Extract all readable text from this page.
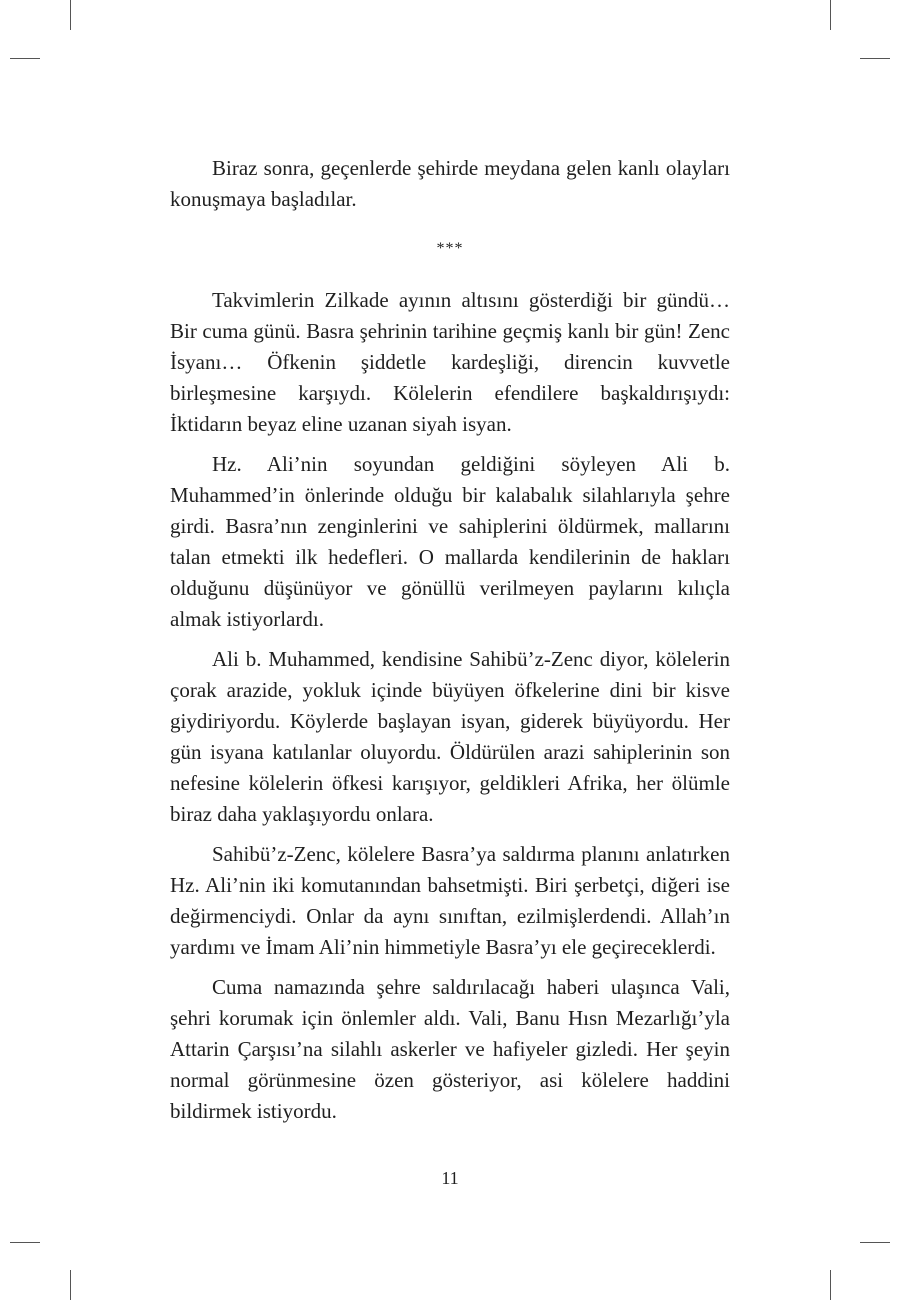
Biraz sonra, geçenlerde şehirde meydana gelen kanlı olayları konuşmaya başladılar.

***

Takvimlerin Zilkade ayının altısını gösterdiği bir gündü… Bir cuma günü. Basra şehrinin tarihine geçmiş kanlı bir gün! Zenc İsyanı… Öfkenin şiddetle kardeşliği, direncin kuvvetle birleşmesine karşıydı. Kölelerin efendilere başkaldırışıydı: İktidarın beyaz eline uzanan siyah isyan.

Hz. Ali’nin soyundan geldiğini söyleyen Ali b. Muhammed’in önlerinde olduğu bir kalabalık silahlarıyla şehre girdi. Basra’nın zenginlerini ve sahiplerini öldürmek, mallarını talan etmekti ilk hedefleri. O mallarda kendilerinin de hakları olduğunu düşünüyor ve gönüllü verilmeyen paylarını kılıçla almak istiyorlardı.

Ali b. Muhammed, kendisine Sahibü’z-Zenc diyor, kölelerin çorak arazide, yokluk içinde büyüyen öfkelerine dini bir kisve giydiriyordu. Köylerde başlayan isyan, giderek büyüyordu. Her gün isyana katılanlar oluyordu. Öldürülen arazi sahiplerinin son nefesine kölelerin öfkesi karışıyor, geldikleri Afrika, her ölümle biraz daha yaklaşıyordu onlara.

Sahibü’z-Zenc, kölelere Basra’ya saldırma planını anlatırken Hz. Ali’nin iki komutanından bahsetmişti. Biri şerbetçi, diğeri ise değirmenciydi. Onlar da aynı sınıftan, ezilmişlerdendi. Allah’ın yardımı ve İmam Ali’nin himmetiyle Basra’yı ele geçireceklerdi.

Cuma namazında şehre saldırılacağı haberi ulaşınca Vali, şehri korumak için önlemler aldı. Vali, Banu Hısn Mezarlığı’yla Attarin Çarşısı’na silahlı askerler ve hafiyeler gizledi. Her şeyin normal görünmesine özen gösteriyor, asi kölelere haddini bildirmek istiyordu.

11
